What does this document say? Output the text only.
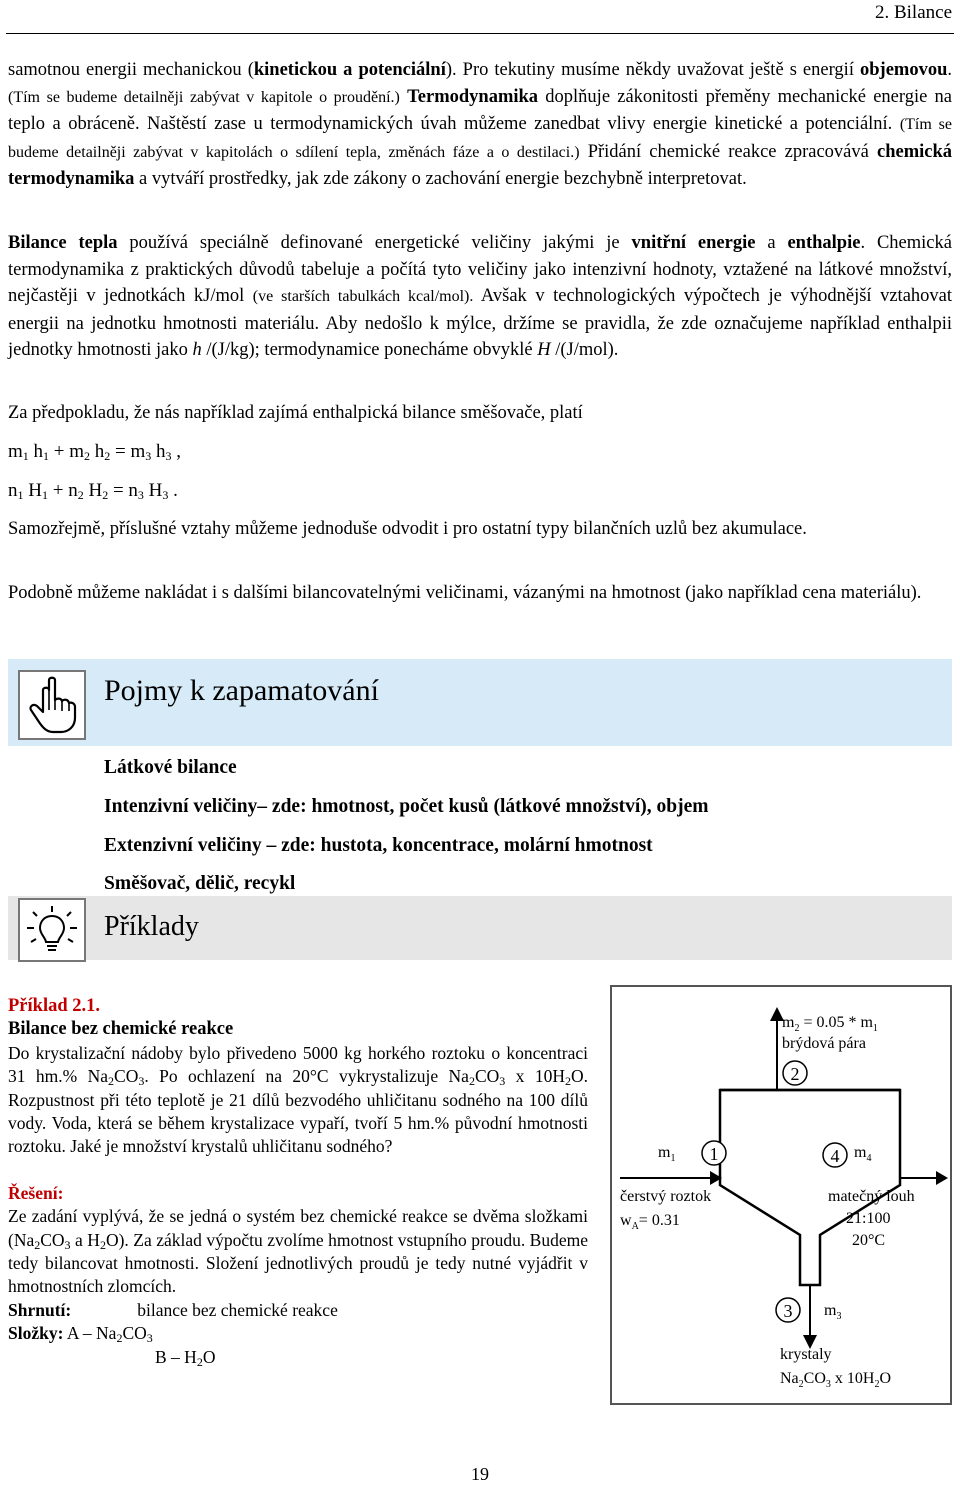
2. Bilance

samotnou energii mechanickou (kinetickou a potenciální). Pro tekutiny musíme někdy uvažovat ještě s energií objemovou. (Tím se budeme detailněji zabývat v kapitole o proudění.) Termodynamika doplňuje zákonitosti přeměny mechanické energie na teplo a obráceně. Naštěstí zase u termodynamických úvah můžeme zanedbat vlivy energie kinetické a potenciální. (Tím se budeme detailněji zabývat v kapitolách o sdílení tepla, změnách fáze a o destilaci.) Přidání chemické reakce zpracovává chemická termodynamika a vytváří prostředky, jak zde zákony o zachování energie bezchybně interpretovat.

Bilance tepla používá speciálně definované energetické veličiny jakými je vnitřní energie a enthalpie. Chemická termodynamika z praktických důvodů tabeluje a počítá tyto veličiny jako intenzivní hodnoty, vztažené na látkové množství, nejčastěji v jednotkách kJ/mol (ve starších tabulkách kcal/mol). Avšak v technologických výpočtech je výhodnější vztahovat energii na jednotku hmotnosti materiálu. Aby nedošlo k mýlce, držíme se pravidla, že zde označujeme například enthalpii jednotky hmotnosti jako h /(J/kg); termodynamice ponecháme obvyklé H /(J/mol).

Za předpokladu, že nás například zajímá enthalpická bilance směšovače, platí

$m_1$ $h_1 + m_2$ $h_2 = m_3$ $h_3$ ,
$n_1$ $H_1 + n_2$ $H_2 = n_3$ $H_3$ .

Samozřejmě, příslušné vztahy můžeme jednoduše odvodit i pro ostatní typy bilančních uzlů bez akumulace.

Podobně můžeme nakládat i s dalšími bilancovatelnými veličinami, vázanými na hmotnost (jako například cena materiálu).

Pojmy k zapamatování
Látkové bilance
Intenzivní veličiny– zde: hmotnost, počet kusů (látkové množství), objem
Extenzivní veličiny – zde: hustota, koncentrace, molární hmotnost
Směšovač, dělič, recykl
Příklady

Příklad 2.1.

Bilance bez chemické reakce

Do krystalizační nádoby bylo přivedeno 5000 kg horkého roztoku o koncentraci 31 hm.% $Na_2CO_3$. Po ochlazení na 20°C vykrystalizuje $Na_2CO_3$ x $10H_2O$. Rozpustnost při této teplotě je 21 dílů bezvodého uhličitanu sodného na 100 dílů vody. Voda, která se během krystalizace vypaří, tvoří 5 hm.% původní hmotnosti roztoku. Jaké je množství krystalů uhličitanu sodného?

Řešení:

Ze zadání vyplývá, že se jedná o systém bez chemické reakce se dvěma složkami ($Na_2CO_3$ a $H_2O$). Za základ výpočtu zvolíme hmotnost vstupního proudu. Budeme tedy bilancovat hmotnosti. Složení jednotlivých proudů je tedy nutné vyjádřit v hmotnostních zlomcích.

Shrnutí:	bilance bez chemické reakce

Složky: A – $Na_2CO_3$

B – $H_2O$

2
1	4
3
$m_2 = 0.05 * m_1$
brýdová pára
$m_1$
čerstvý roztok
$w_A= 0.31$
$m_4$
matečný louh
21:100
20°C
$m_3$
krystaly
$Na_2CO_3$ x $10H_2O$
19
